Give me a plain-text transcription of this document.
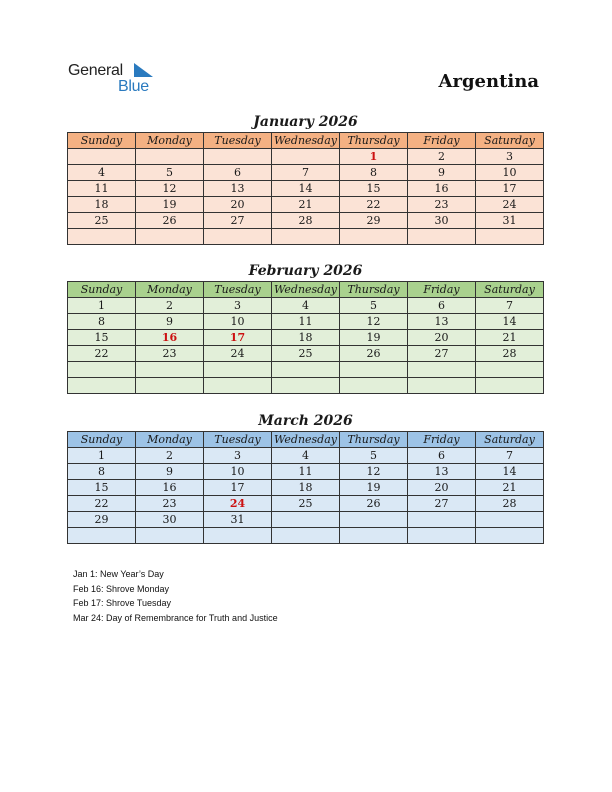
General
Blue	Argentina
January 2026
Sunday	Monday	Tuesday	Wednesday	Thursday	Friday	Saturday
				1	2	3
4	5	6	7	8	9	10
11	12	13	14	15	16	17
18	19	20	21	22	23	24
25	26	27	28	29	30	31

February 2026
Sunday	Monday	Tuesday	Wednesday	Thursday	Friday	Saturday
1	2	3	4	5	6	7
8	9	10	11	12	13	14
15	16	17	18	19	20	21
22	23	24	25	26	27	28

March 2026
Sunday	Monday	Tuesday	Wednesday	Thursday	Friday	Saturday
1	2	3	4	5	6	7
8	9	10	11	12	13	14
15	16	17	18	19	20	21
22	23	24	25	26	27	28
29	30	31				

Jan 1: New Year’s Day
Feb 16: Shrove Monday
Feb 17: Shrove Tuesday
Mar 24: Day of Remembrance for Truth and Justice
